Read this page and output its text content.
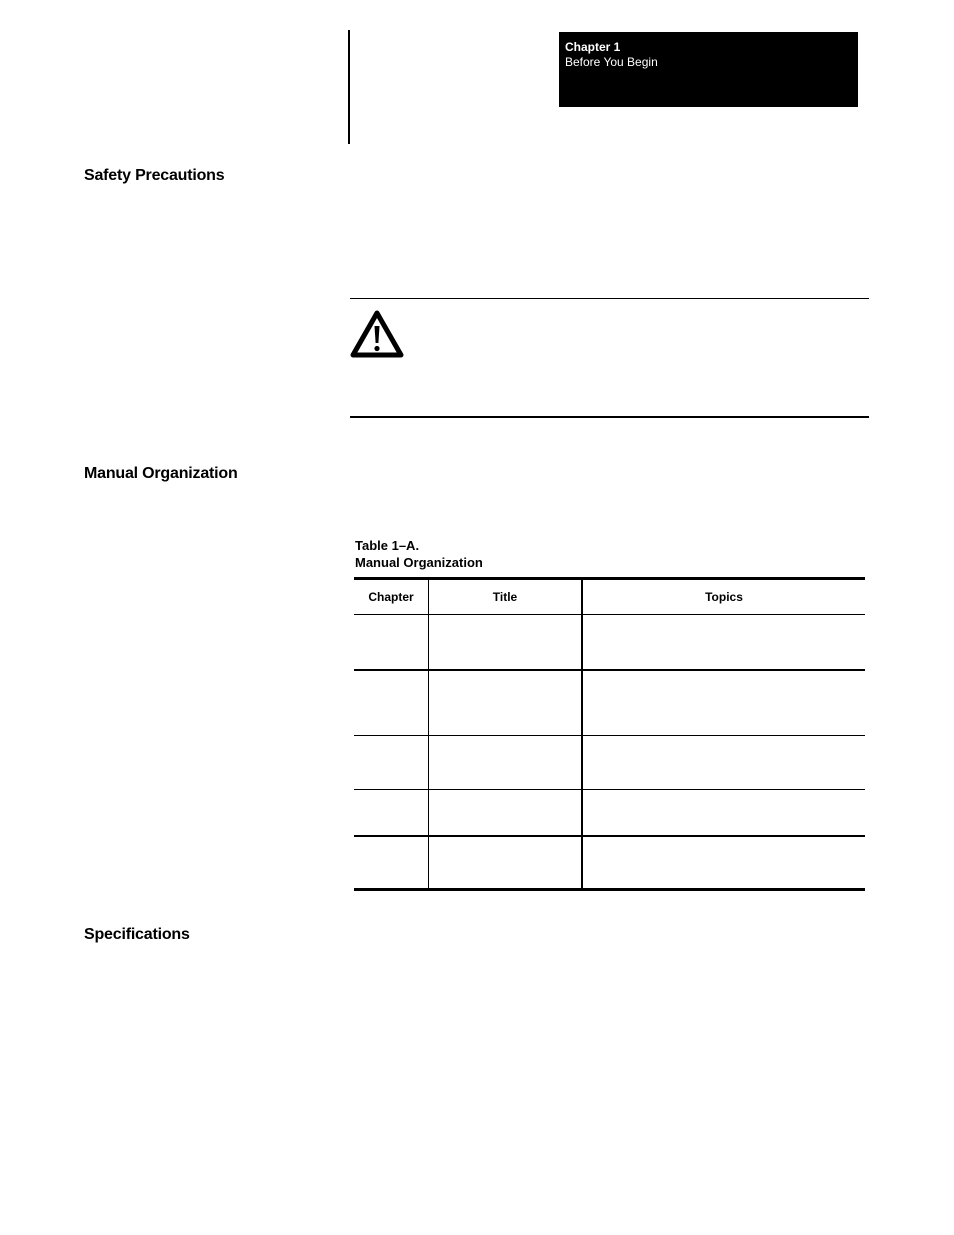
Chapter 1
Before You Begin
Safety Precautions
Manual Organization
Table 1–A.
Manual Organization
Chapter	Title	Topics

Specifications
